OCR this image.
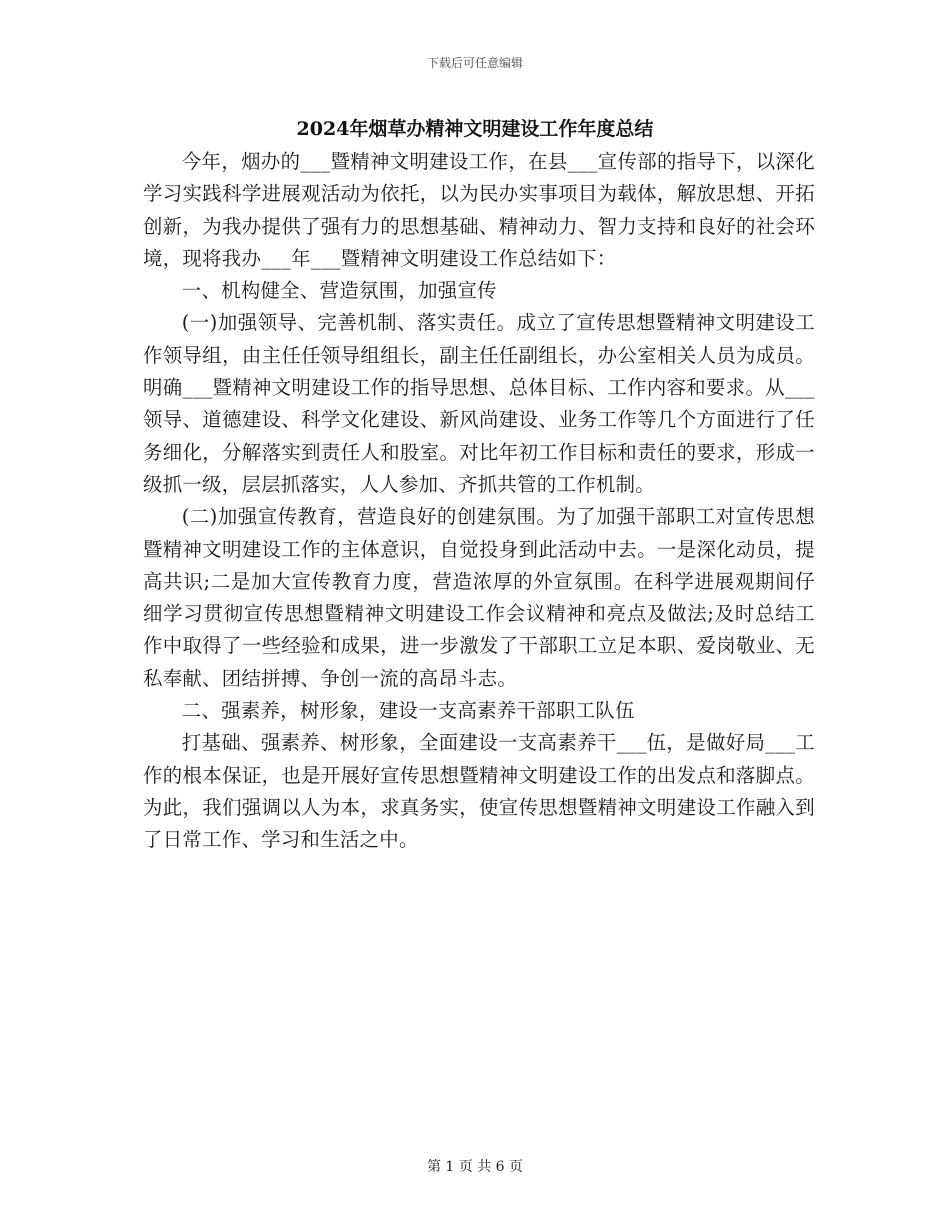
下载后可任意编辑
2024年烟草办精神文明建设工作年度总结

今年，烟办的___暨精神文明建设工作，在县___宣传部的指导下，以深化学习实践科学进展观活动为依托，以为民办实事项目为载体，解放思想、开拓创新，为我办提供了强有力的思想基础、精神动力、智力支持和良好的社会环境，现将我办___年___暨精神文明建设工作总结如下：

一、机构健全、营造氛围，加强宣传

(一)加强领导、完善机制、落实责任。成立了宣传思想暨精神文明建设工作领导组，由主任任领导组组长，副主任任副组长，办公室相关人员为成员。明确___暨精神文明建设工作的指导思想、总体目标、工作内容和要求。从___领导、道德建设、科学文化建设、新风尚建设、业务工作等几个方面进行了任务细化，分解落实到责任人和股室。对比年初工作目标和责任的要求，形成一级抓一级，层层抓落实，人人参加、齐抓共管的工作机制。

(二)加强宣传教育，营造良好的创建氛围。为了加强干部职工对宣传思想暨精神文明建设工作的主体意识，自觉投身到此活动中去。一是深化动员，提高共识;二是加大宣传教育力度，营造浓厚的外宣氛围。在科学进展观期间仔细学习贯彻宣传思想暨精神文明建设工作会议精神和亮点及做法;及时总结工作中取得了一些经验和成果，进一步激发了干部职工立足本职、爱岗敬业、无私奉献、团结拼搏、争创一流的高昂斗志。

二、强素养，树形象，建设一支高素养干部职工队伍

打基础、强素养、树形象，全面建设一支高素养干___伍，是做好局___工作的根本保证，也是开展好宣传思想暨精神文明建设工作的出发点和落脚点。为此，我们强调以人为本，求真务实，使宣传思想暨精神文明建设工作融入到了日常工作、学习和生活之中。

第 1 页 共 6 页
